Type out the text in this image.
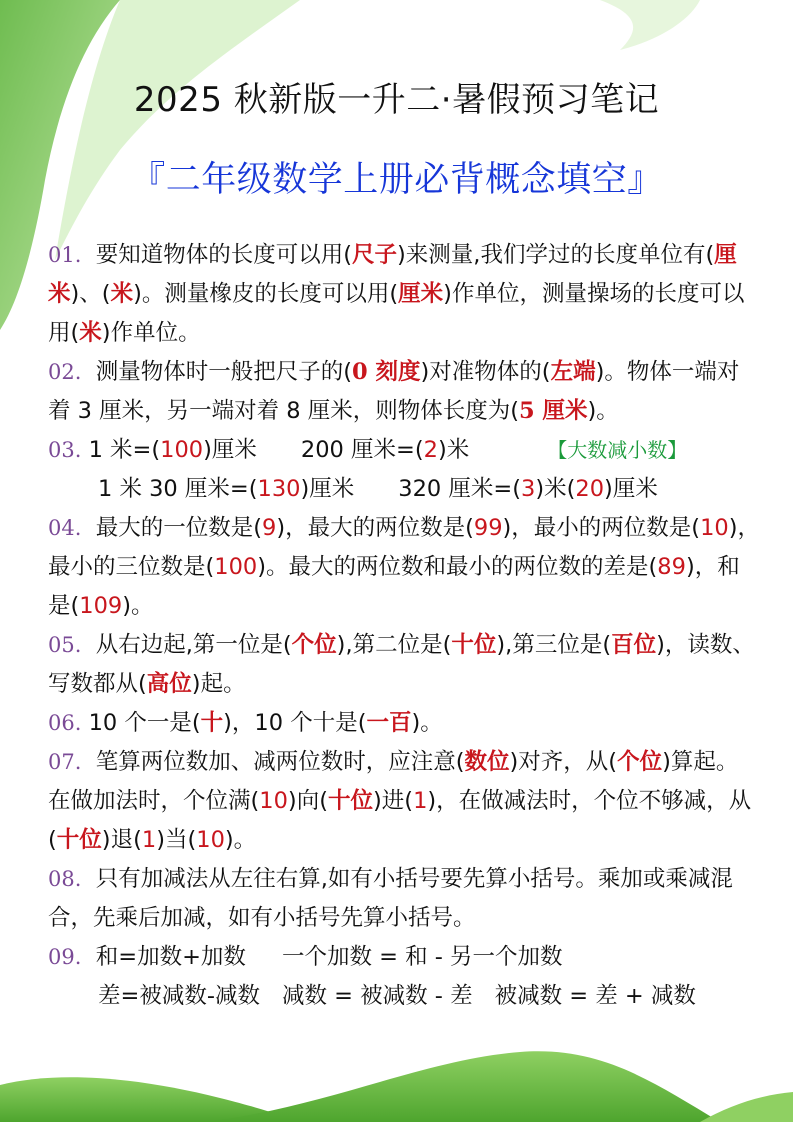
2025 秋新版一升二·暑假预习笔记
『二年级数学上册必背概念填空』
01. 要知道物体的长度可以用(尺子)来测量,我们学过的长度单位有(厘米)、(米)。测量橡皮的长度可以用(厘米)作单位，测量操场的长度可以用(米)作单位。
02. 测量物体时一般把尺子的(0 刻度)对准物体的(左端)。物体一端对着 3 厘米，另一端对着 8 厘米，则物体长度为(5 厘米)。
03. 1 米=(100)厘米 200 厘米=(2)米	【大数减小数】
1 米 30 厘米=(130)厘米 320 厘米=(3)米(20)厘米
04. 最大的一位数是(9)，最大的两位数是(99)，最小的两位数是(10)，最小的三位数是(100)。最大的两位数和最小的两位数的差是(89)，和是(109)。
05. 从右边起,第一位是(个位),第二位是(十位),第三位是(百位)，读数、写数都从(高位)起。
06. 10 个一是(十)，10 个十是(一百)。
07. 笔算两位数加、减两位数时，应注意(数位)对齐，从(个位)算起。在做加法时，个位满(10)向(十位)进(1)，在做减法时，个位不够减，从(十位)退(1)当(10)。
08. 只有加减法从左往右算,如有小括号要先算小括号。乘加或乘减混合，先乘后加减，如有小括号先算小括号。
09. 和=加数+加数 一个加数 = 和 - 另一个加数
差=被减数-减数 减数 = 被减数 - 差 被减数 = 差 + 减数
